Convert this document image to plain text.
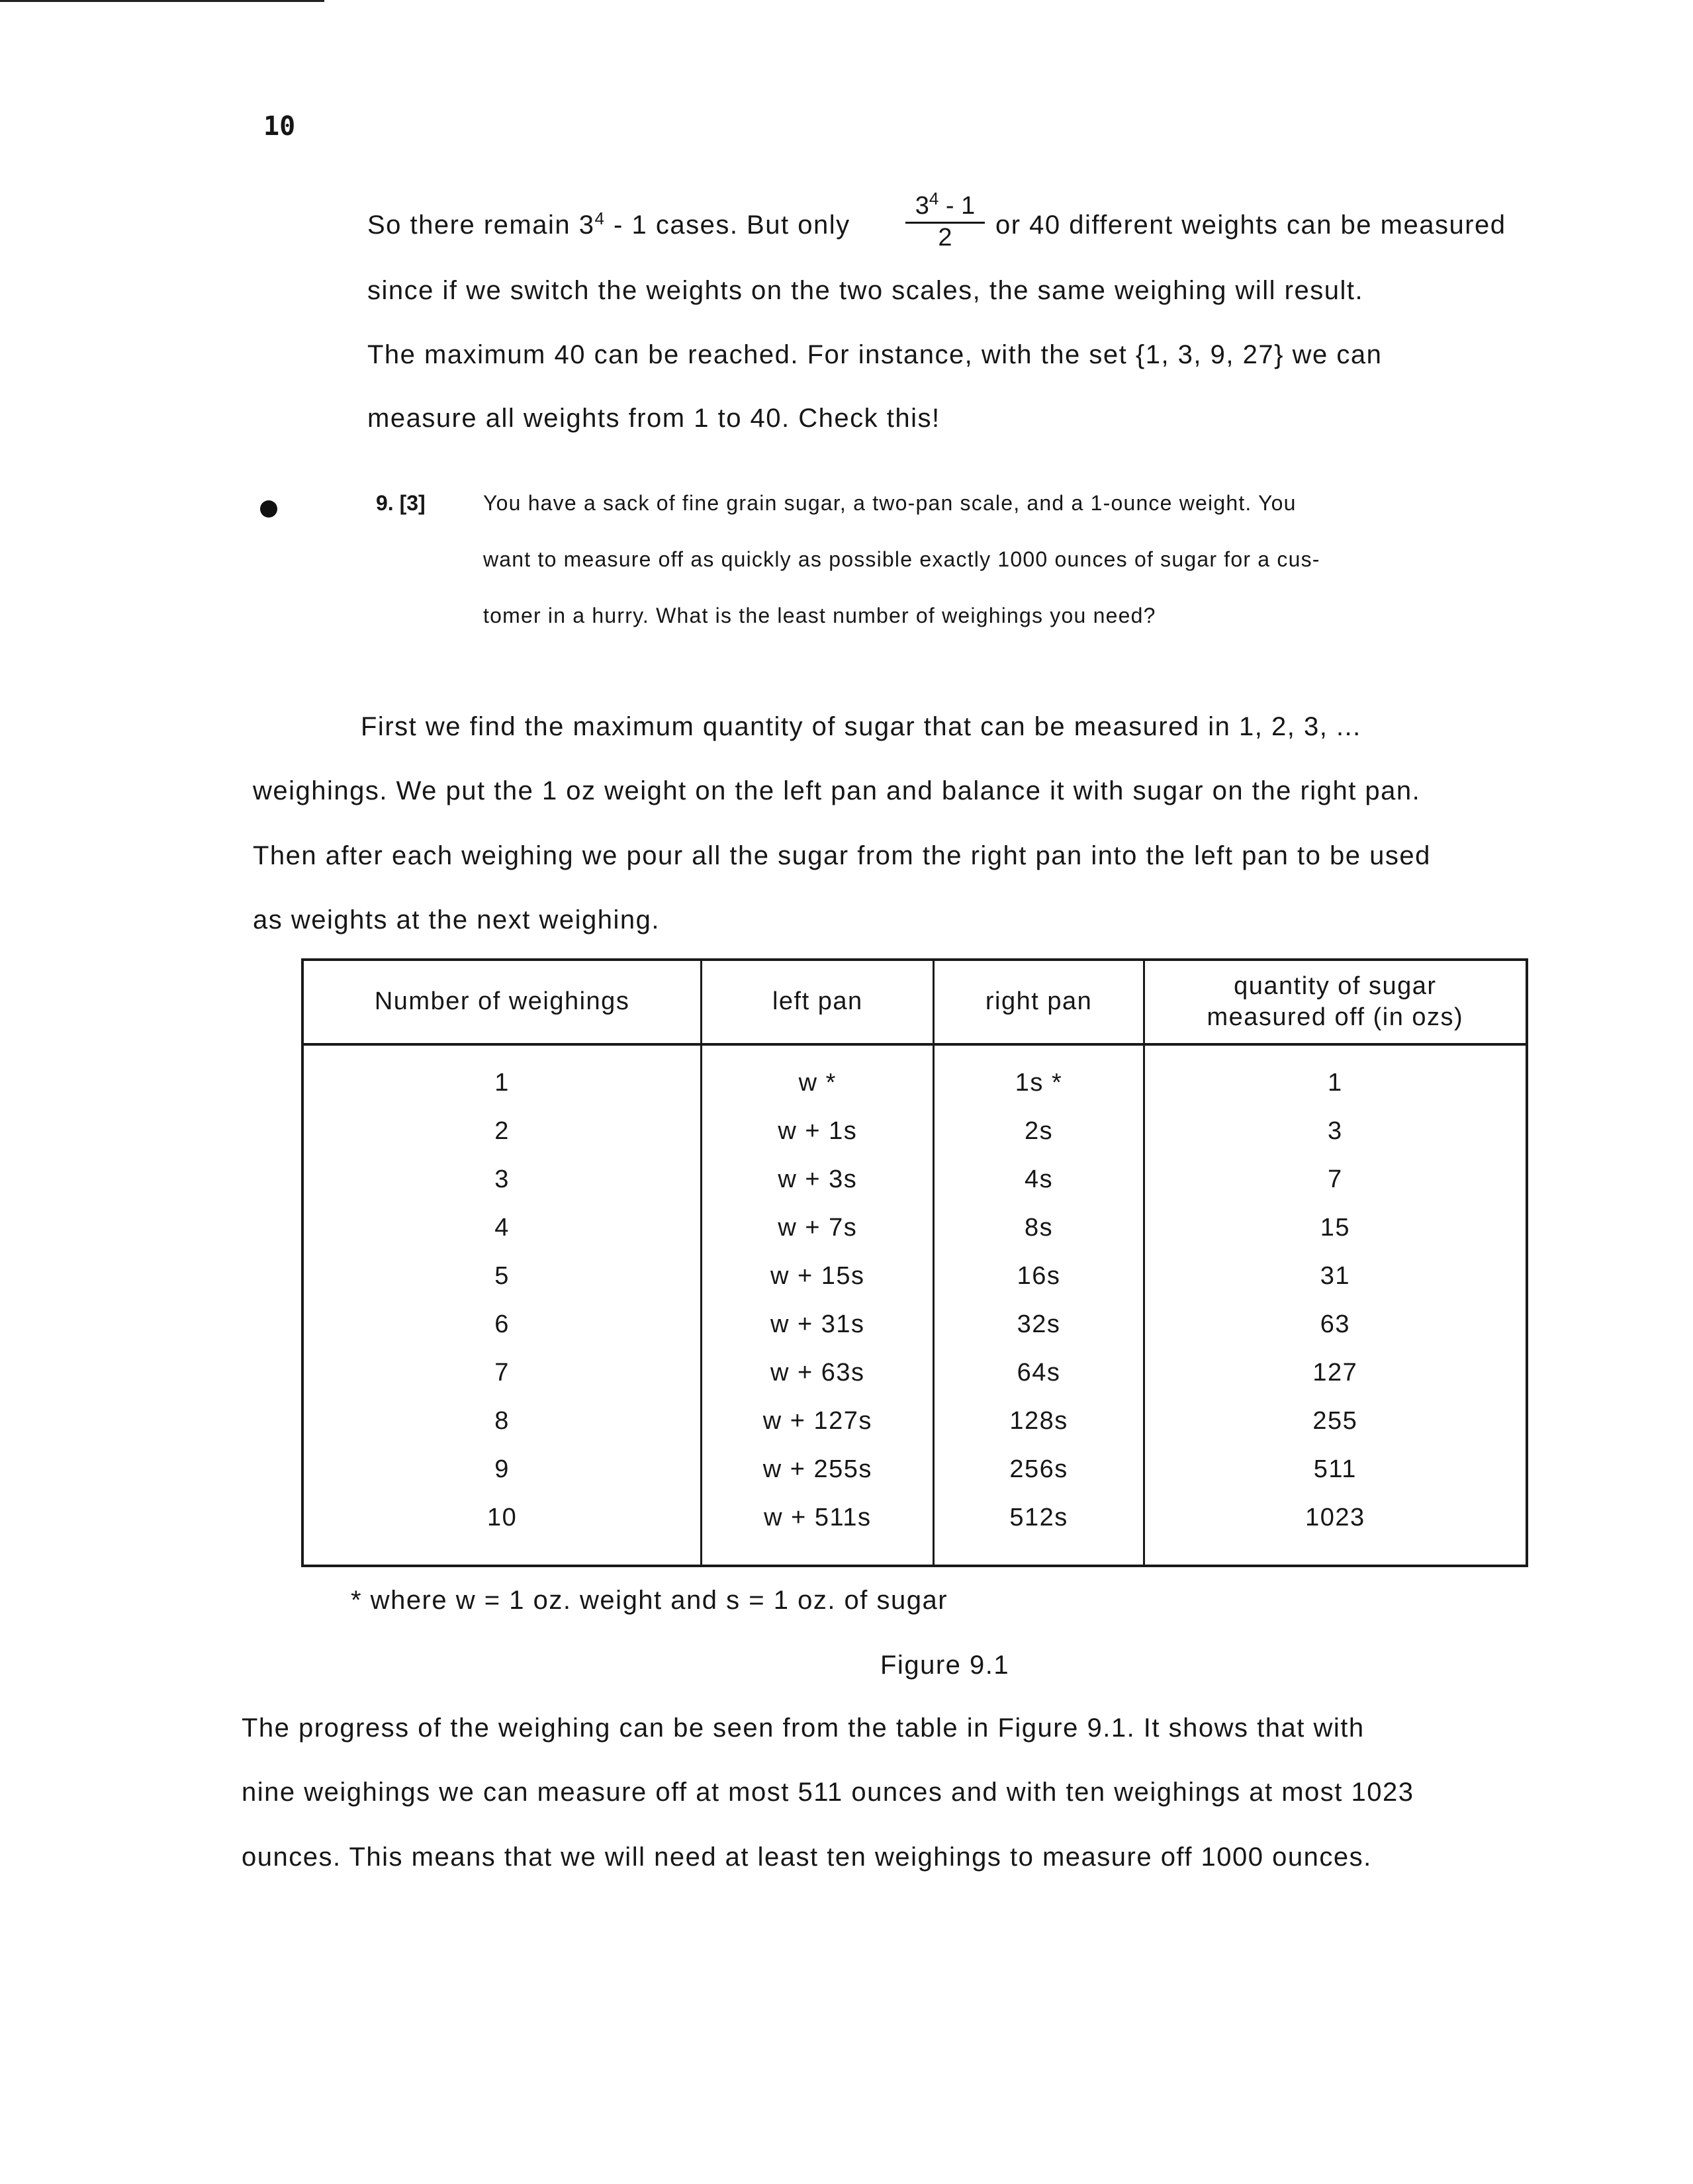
10

So there remain $3^4 - 1$ cases. But only $\frac{3^4 - 1}{2}$ or 40 different weights can be measured

since if we switch the weights on the two scales, the same weighing will result.

The maximum 40 can be reached. For instance, with the set {1, 3, 9, 27} we can

measure all weights from 1 to 40. Check this!

9. [3]	You have a sack of fine grain sugar, a two-pan scale, and a 1-ounce weight. You

want to measure off as quickly as possible exactly 1000 ounces of sugar for a cus-

tomer in a hurry. What is the least number of weighings you need?

First we find the maximum quantity of sugar that can be measured in 1, 2, 3, ...

weighings. We put the 1 oz weight on the left pan and balance it with sugar on the right pan.

Then after each weighing we pour all the sugar from the right pan into the left pan to be used

as weights at the next weighing.

Number of weighings	left pan	right pan	quantity of sugar
measured off (in ozs)
1	w *	1s *	1
2	w + 1s	2s	3
3	w + 3s	4s	7
4	w + 7s	8s	15
5	w + 15s	16s	31
6	w + 31s	32s	63
7	w + 63s	64s	127
8	w + 127s	128s	255
9	w + 255s	256s	511
10	w + 511s	512s	1023

* where w = 1 oz. weight and s = 1 oz. of sugar

Figure 9.1

The progress of the weighing can be seen from the table in Figure 9.1. It shows that with

nine weighings we can measure off at most 511 ounces and with ten weighings at most 1023

ounces. This means that we will need at least ten weighings to measure off 1000 ounces.
